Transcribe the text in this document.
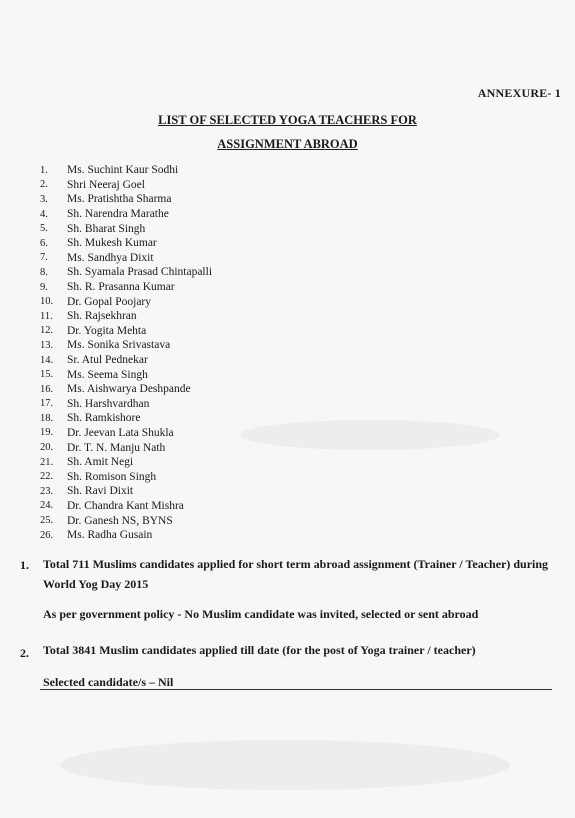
ANNEXURE- 1
LIST OF SELECTED YOGA TEACHERS FOR
ASSIGNMENT ABROAD
1.	Ms. Suchint Kaur Sodhi
2.	Shri Neeraj Goel
3.	Ms. Pratishtha Sharma
4.	Sh. Narendra Marathe
5.	Sh. Bharat Singh
6.	Sh. Mukesh Kumar
7.	Ms. Sandhya Dixit
8.	Sh. Syamala Prasad Chintapalli
9.	Sh. R. Prasanna Kumar
10.	Dr. Gopal Poojary
11.	Sh. Rajsekhran
12.	Dr. Yogita Mehta
13.	Ms. Sonika Srivastava
14.	Sr. Atul Pednekar
15.	Ms. Seema Singh
16.	Ms. Aishwarya Deshpande
17.	Sh. Harshvardhan
18.	Sh. Ramkishore
19.	Dr. Jeevan Lata Shukla
20.	Dr. T. N. Manju Nath
21.	Sh. Amit Negi
22.	Sh. Romison Singh
23.	Sh. Ravi Dixit
24.	Dr. Chandra Kant Mishra
25.	Dr. Ganesh NS, BYNS
26.	Ms. Radha Gusain
1. Total 711 Muslims candidates applied for short term abroad assignment (Trainer / Teacher) during World Yog Day 2015
As per government policy - No Muslim candidate was invited, selected or sent abroad
2. Total 3841 Muslim candidates applied till date (for the post of Yoga trainer / teacher)
Selected candidate/s – Nil
